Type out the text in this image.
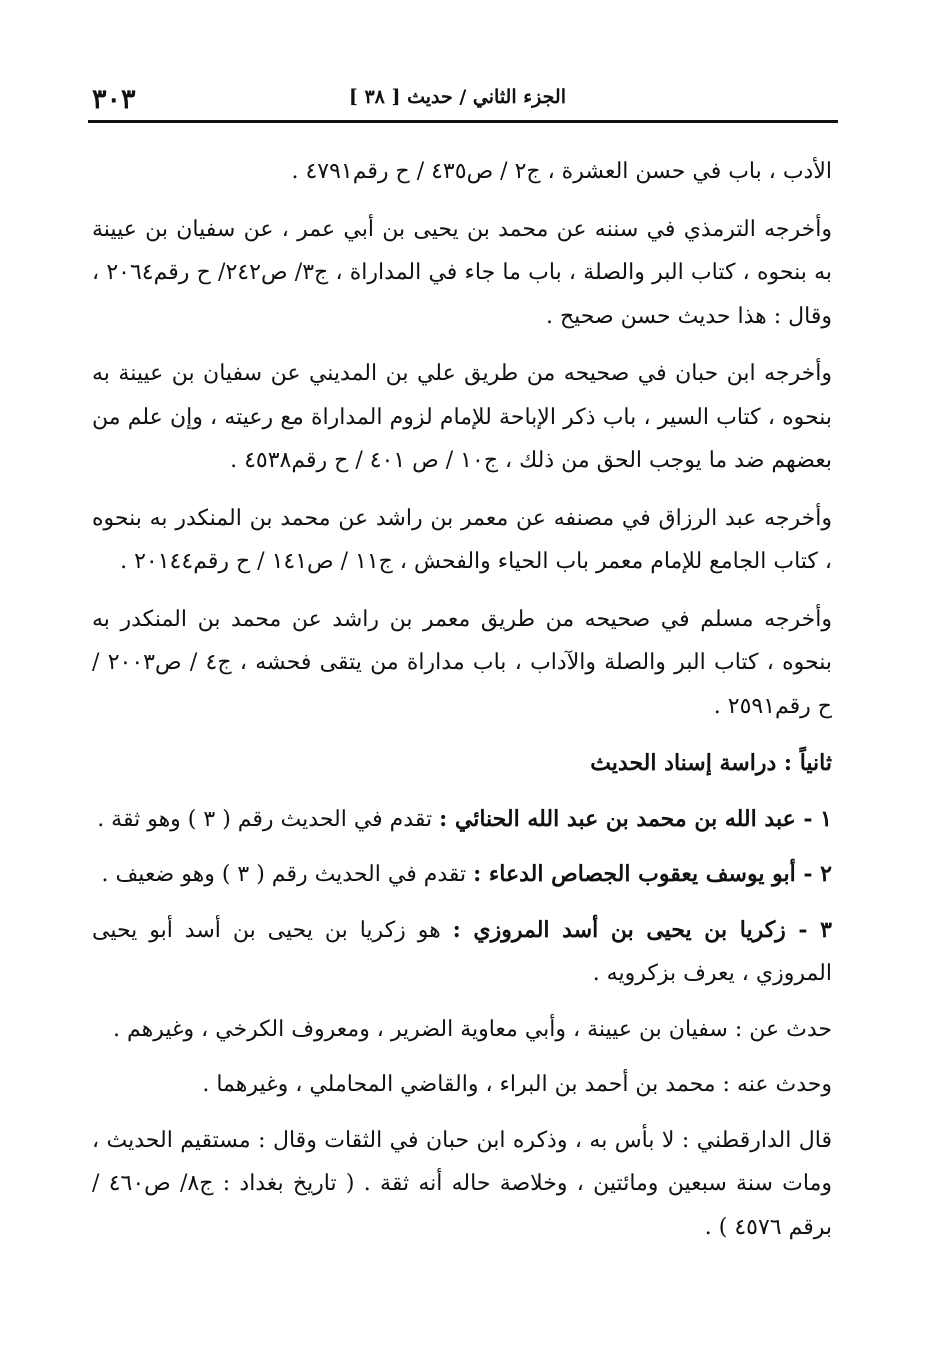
٣٠٣	الجزء الثاني / حديث [ ٣٨ ]

الأدب ، باب في حسن العشرة ، ج٢ / ص٤٣٥ / ح رقم٤٧٩١ .

وأخرجه الترمذي في سننه عن محمد بن يحيى بن أبي عمر ، عن سفيان بن عيينة به بنحوه ، كتاب البر والصلة ، باب ما جاء في المداراة ، ج٣/ ص٢٤٢/ ح رقم٢٠٦٤ ، وقال : هذا حديث حسن صحيح .

وأخرجه ابن حبان في صحيحه من طريق علي بن المديني عن سفيان بن عيينة به بنحوه ، كتاب السير ، باب ذكر الإباحة للإمام لزوم المداراة مع رعيته ، وإن علم من بعضهم ضد ما يوجب الحق من ذلك ، ج١٠ / ص ٤٠١ / ح رقم٤٥٣٨ .

وأخرجه عبد الرزاق في مصنفه عن معمر بن راشد عن محمد بن المنكدر به بنحوه ، كتاب الجامع للإمام معمر باب الحياء والفحش ، ج١١ / ص١٤١ / ح رقم٢٠١٤٤ .

وأخرجه مسلم في صحيحه من طريق معمر بن راشد عن محمد بن المنكدر به بنحوه ، كتاب البر والصلة والآداب ، باب مداراة من يتقى فحشه ، ج٤ / ص٢٠٠٣ / ح رقم٢٥٩١ .

ثانياً : دراسة إسناد الحديث

١ - عبد الله بن محمد بن عبد الله الحنائي : تقدم في الحديث رقم ( ٣ ) وهو ثقة .

٢ - أبو يوسف يعقوب الجصاص الدعاء : تقدم في الحديث رقم ( ٣ ) وهو ضعيف .

٣ - زكريا بن يحيى بن أسد المروزي : هو زكريا بن يحيى بن أسد أبو يحيى المروزي ، يعرف بزكرويه .

حدث عن : سفيان بن عيينة ، وأبي معاوية الضرير ، ومعروف الكرخي ، وغيرهم .

وحدث عنه : محمد بن أحمد بن البراء ، والقاضي المحاملي ، وغيرهما .

قال الدارقطني : لا بأس به ، وذكره ابن حبان في الثقات وقال : مستقيم الحديث ، ومات سنة سبعين ومائتين ، وخلاصة حاله أنه ثقة . ( تاريخ بغداد : ج٨/ ص٤٦٠ / برقم ٤٥٧٦ ) .
